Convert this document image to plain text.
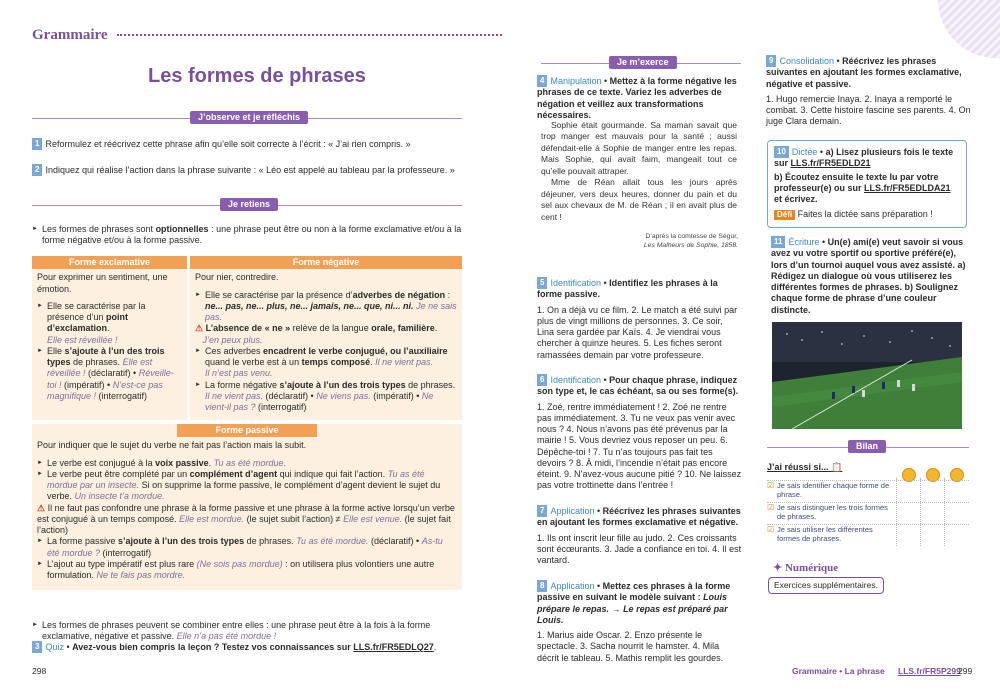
Grammaire
Les formes de phrases
J’observe et je réfléchis
1 Reformulez et réécrivez cette phrase afin qu’elle soit correcte à l’écrit : « J’ai rien compris. »
2 Indiquez qui réalise l’action dans la phrase suivante : « Léo est appelé au tableau par la professeure. »
Je retiens
► Les formes de phrases sont optionnelles : une phrase peut être ou non à la forme exclamative et/ou à la forme négative et/ou à la forme passive.
Forme exclamative
Pour exprimer un sentiment, une émotion.
► Elle se caractérise par la présence d’un point d’exclamation.
Elle est réveillée !
► Elle s’ajoute à l’un des trois types de phrases. Elle est réveillée ! (déclaratif) • Réveille-toi ! (impératif) • N’est-ce pas magnifique ! (interrogatif)
Forme négative
Pour nier, contredire.
► Elle se caractérise par la présence d’adverbes de négation :
ne... pas, ne... plus, ne... jamais, ne... que, ni... ni. Je ne sais pas.
⚠ L’absence de « ne » relève de la langue orale, familière.
J’en peux plus.
► Ces adverbes encadrent le verbe conjugué, ou l’auxiliaire quand le verbe est à un temps composé. Il ne vient pas.
Il n’est pas venu.
► La forme négative s’ajoute à l’un des trois types de phrases.
Il ne vient pas. (déclaratif) • Ne viens pas. (impératif) • Ne vient-il pas ? (interrogatif)
Forme passive
Pour indiquer que le sujet du verbe ne fait pas l’action mais la subit.
► Le verbe est conjugué à la voix passive. Tu as été mordue.
► Le verbe peut être complété par un complément d’agent qui indique qui fait l’action. Tu as été mordue par un insecte. Si on supprime la forme passive, le complément d’agent devient le sujet du verbe. Un insecte t’a mordue.
⚠ Il ne faut pas confondre une phrase à la forme passive et une phrase à la forme active lorsqu’un verbe est conjugué à un temps composé. Elle est mordue. (le sujet subit l’action) ≠ Elle est venue. (le sujet fait l’action)
► La forme passive s’ajoute à l’un des trois types de phrases. Tu as été mordue. (déclaratif) • As-tu été mordue ? (interrogatif)
► L’ajout au type impératif est plus rare (Ne sois pas mordue) : on utilisera plus volontiers une autre formulation. Ne te fais pas mordre.
► Les formes de phrases peuvent se combiner entre elles : une phrase peut être à la fois à la forme exclamative, négative et passive. Elle n’a pas été mordue !
3 Quiz • Avez-vous bien compris la leçon ? Testez vos connaissances sur LLS.fr/FR5EDLQ27.
Je m’exerce
4 Manipulation • Mettez à la forme négative les phrases de ce texte. Variez les adverbes de négation et veillez aux transformations nécessaires.

Sophie était gourmande. Sa maman savait que trop manger est mauvais pour la santé ; aussi défendait-elle à Sophie de manger entre les repas. Mais Sophie, qui avait faim, mangeait tout ce qu’elle pouvait attraper.

Mme de Réan allait tous les jours après déjeuner, vers deux heures, donner du pain et du sel aux chevaux de M. de Réan ; il en avait plus de cent !

D’après la comtesse de Ségur,
Les Malheurs de Sophie, 1858.
5 Identification • Identifiez les phrases à la forme passive.
1. On a déjà vu ce film. 2. Le match a été suivi par plus de vingt millions de personnes. 3. Ce soir, Lina sera gardée par Kaïs. 4. Je viendrai vous chercher à quinze heures. 5. Les fiches seront ramassées demain par votre professeure.
6 Identification • Pour chaque phrase, indiquez son type et, le cas échéant, sa ou ses forme(s).
1. Zoé, rentre immédiatement ! 2. Zoé ne rentre pas immédiatement. 3. Tu ne veux pas venir avec nous ? 4. Nous n’avons pas été prévenus par la mairie ! 5. Vous devriez vous reposer un peu. 6. Dépêche-toi ! 7. Tu n’as toujours pas fait tes devoirs ? 8. À midi, l’incendie n’était pas encore éteint. 9. N’avez-vous aucune pitié ? 10. Ne laissez pas votre trottinette dans l’entrée !
7 Application • Réécrivez les phrases suivantes en ajoutant les formes exclamative et négative.
1. Ils ont inscrit leur fille au judo. 2. Ces croissants sont écœurants. 3. Jade a confiance en toi. 4. Il est vantard.
8 Application • Mettez ces phrases à la forme passive en suivant le modèle suivant : Louis prépare le repas. → Le repas est préparé par Louis.
1. Marius aide Oscar. 2. Enzo présente le spectacle. 3. Sacha nourrit le hamster. 4. Mila décrit le tableau. 5. Mathis remplit les gourdes.
9 Consolidation • Réécrivez les phrases suivantes en ajoutant les formes exclamative, négative et passive.
1. Hugo remercie Inaya. 2. Inaya a remporté le combat. 3. Cette histoire fascine ses parents. 4. On juge Clara demain.
10 Dictée • a) Lisez plusieurs fois le texte sur LLS.fr/FR5EDLD21
b) Écoutez ensuite le texte lu par votre professeur(e) ou sur LLS.fr/FR5EDLDA21 et écrivez.
Défi Faites la dictée sans préparation !
11 Écriture • Un(e) ami(e) veut savoir si vous avez vu votre sportif ou sportive préféré(e), lors d’un tournoi auquel vous avez assisté. a) Rédigez un dialogue où vous utiliserez les différentes formes de phrases. b) Soulignez chaque forme de phrase d’une couleur distincte.
Bilan
J’ai réussi si... 📋
☑ Je sais identifier chaque forme de phrase.
☑ Je sais distinguer les trois formes de phrases.
☑ Je sais utiliser les différentes formes de phrases.
✦ Numérique
Exercices supplémentaires.
298	Grammaire • La phrase LLS.fr/FR5P299
299
